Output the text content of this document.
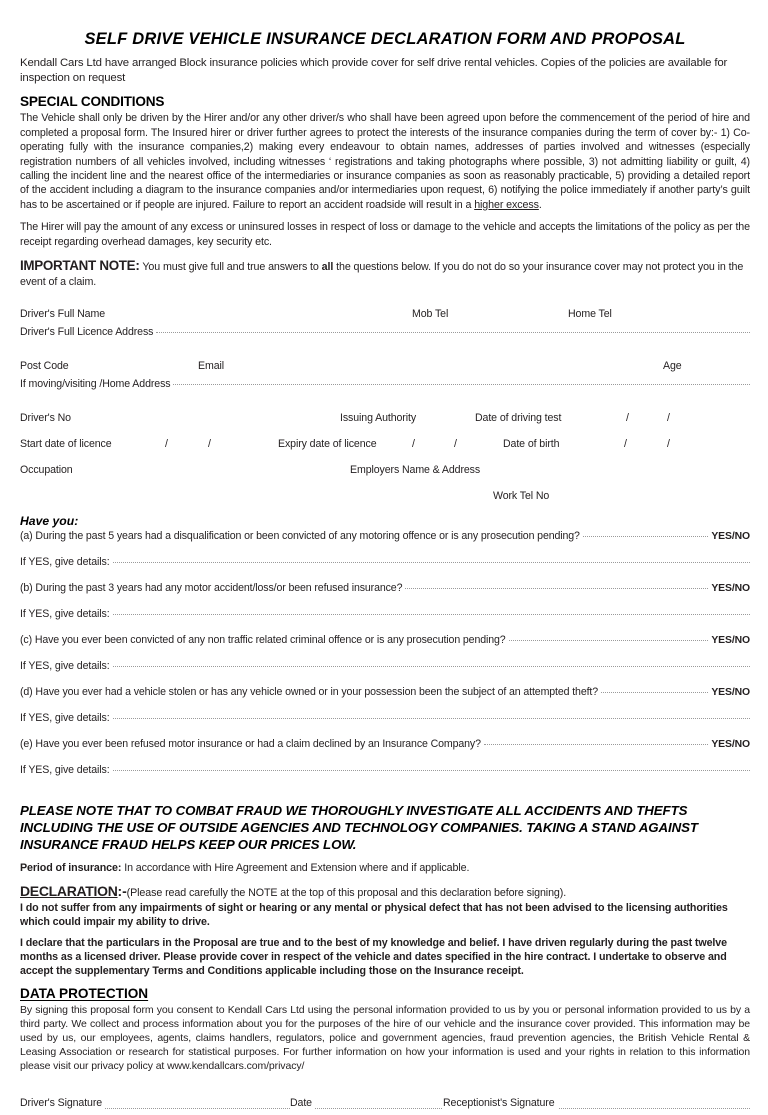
SELF DRIVE VEHICLE INSURANCE DECLARATION FORM AND PROPOSAL
Kendall Cars Ltd have arranged Block insurance policies which provide cover for self drive rental vehicles. Copies of the policies are available for inspection on request
SPECIAL CONDITIONS

The Vehicle shall only be driven by the Hirer and/or any other driver/s who shall have been agreed upon before the commencement of the period of hire and completed a proposal form. The Insured hirer or driver further agrees to protect the interests of the insurance companies during the term of cover by:- 1) Co-operating fully with the insurance companies,2) making every endeavour to obtain names, addresses of parties involved and witnesses (especially registration numbers of all vehicles involved, including witnesses ‘ registrations and taking photographs where possible, 3) not admitting liability or guilt, 4) calling the incident line and the nearest office of the intermediaries or insurance companies as soon as reasonably practicable, 5) providing a detailed report of the accident including a diagram to the insurance companies and/or intermediaries upon request, 6) notifying the police immediately if another party’s guilt has to be ascertained or if people are injured. Failure to report an accident roadside will result in a higher excess.

The Hirer will pay the amount of any excess or uninsured losses in respect of loss or damage to the vehicle and accepts the limitations of the policy as per the receipt regarding overhead damages, key security etc.

IMPORTANT NOTE: You must give full and true answers to all the questions below. If you do not do so your insurance cover may not protect you in the event of a claim.
Driver's Full Name	Mob Tel	Home Tel
Driver's Full Licence Address
Post Code	Email	Age
If moving/visiting /Home Address
Driver's No	Issuing Authority	Date of driving test	/	/
Start date of licence	/	/	Expiry date of licence	/	/	Date of birth	/	/
Occupation	Employers Name & Address
Work Tel No
Have you:
(a) During the past 5 years had a disqualification or been convicted of any motoring offence or is any prosecution pending?	YES/NO
If YES, give details:
(b) During the past 3 years had any motor accident/loss/or been refused insurance?	YES/NO
If YES, give details:
(c) Have you ever been convicted of any non traffic related criminal offence or is any prosecution pending?	YES/NO
If YES, give details:
(d) Have you ever had a vehicle stolen or has any vehicle owned or in your possession been the subject of an attempted theft?	YES/NO
If YES, give details:
(e) Have you ever been refused motor insurance or had a claim declined by an Insurance Company?	YES/NO
If YES, give details:
PLEASE NOTE THAT TO COMBAT FRAUD WE THOROUGHLY INVESTIGATE ALL ACCIDENTS AND THEFTS INCLUDING THE USE OF OUTSIDE AGENCIES AND TECHNOLOGY COMPANIES. TAKING A STAND AGAINST INSURANCE FRAUD HELPS KEEP OUR PRICES LOW.
Period of insurance: In accordance with Hire Agreement and Extension where and if applicable.
DECLARATION:-(Please read carefully the NOTE at the top of this proposal and this declaration before signing).
I do not suffer from any impairments of sight or hearing or any mental or physical defect that has not been advised to the licensing authorities which could impair my ability to drive.
I declare that the particulars in the Proposal are true and to the best of my knowledge and belief. I have driven regularly during the past twelve months as a licensed driver. Please provide cover in respect of the vehicle and dates specified in the hire contract. I undertake to observe and accept the supplementary Terms and Conditions applicable including those on the Insurance receipt.
DATA PROTECTION
By signing this proposal form you consent to Kendall Cars Ltd using the personal information provided to us by you or personal information provided to us by a third party. We collect and process information about you for the purposes of the hire of our vehicle and the insurance cover provided. This information may be used by us, our employees, agents, claims handlers, regulators, police and government agencies, fraud prevention agencies, the British Vehicle Rental & Leasing Association or research for statistical purposes. For further information on how your information is used and your rights in relation to this information please visit our privacy policy at www.kendallcars.com/privacy/
Driver's Signature	Date	Receptionist's Signature
